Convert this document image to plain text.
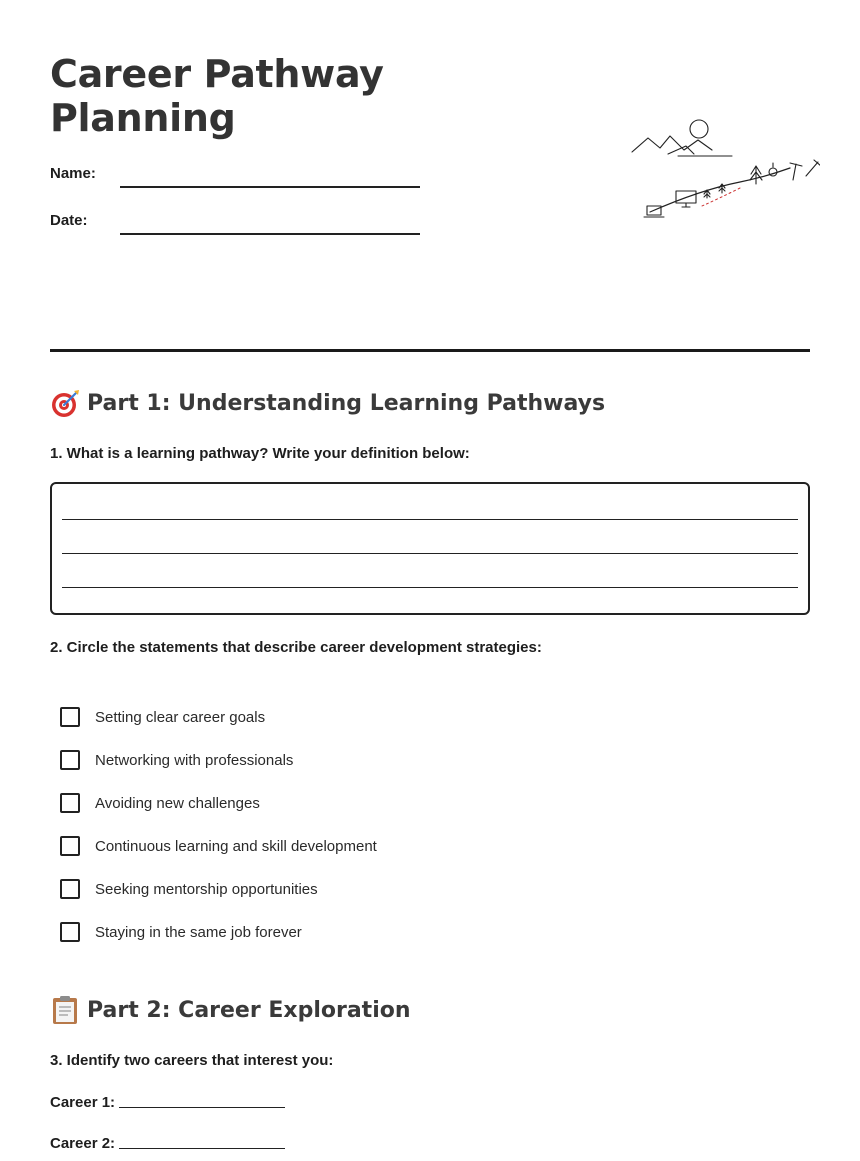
Career Pathway
Planning
Name:
Date:
Part 1: Understanding Learning Pathways
1. What is a learning pathway? Write your definition below:
2. Circle the statements that describe career development strategies:
Setting clear career goals
Networking with professionals
Avoiding new challenges
Continuous learning and skill development
Seeking mentorship opportunities
Staying in the same job forever
Part 2: Career Exploration
3. Identify two careers that interest you:
Career 1:
Career 2:
